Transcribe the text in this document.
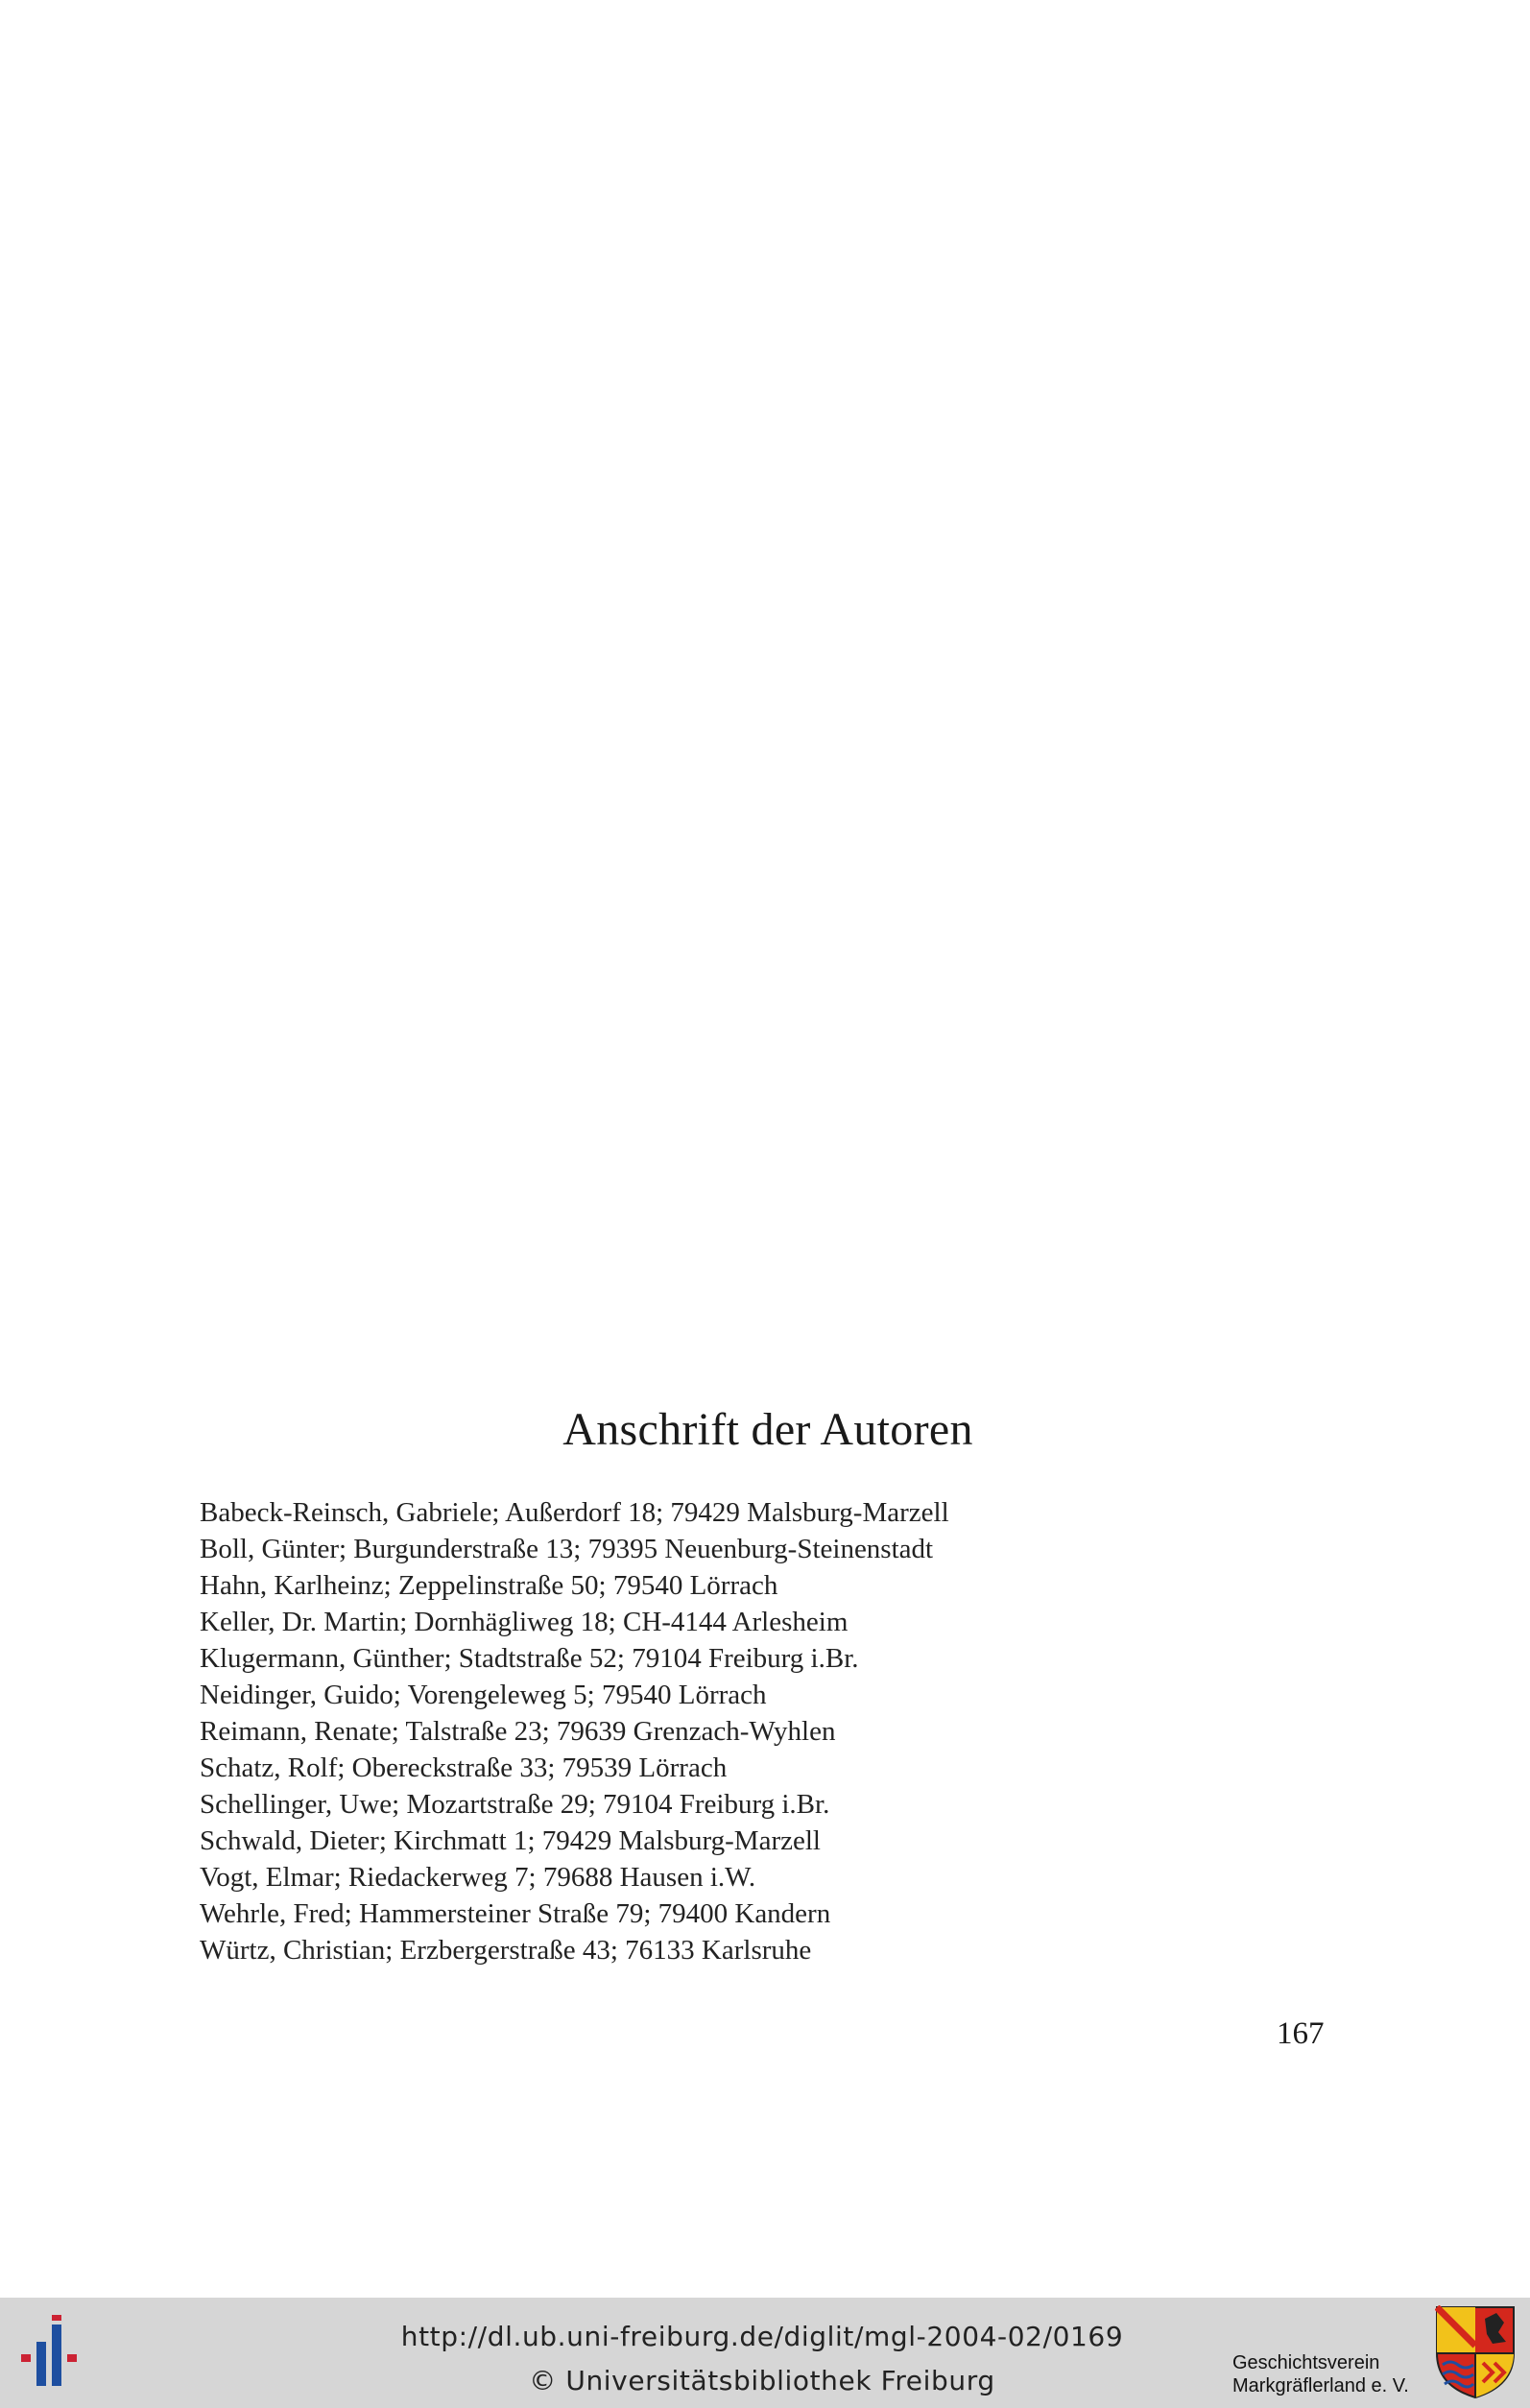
Anschrift der Autoren
Babeck-Reinsch, Gabriele; Außerdorf 18; 79429 Malsburg-Marzell
Boll, Günter; Burgunderstraße 13; 79395 Neuenburg-Steinenstadt
Hahn, Karlheinz; Zeppelinstraße 50; 79540 Lörrach
Keller, Dr. Martin; Dornhägliweg 18; CH-4144 Arlesheim
Klugermann, Günther; Stadtstraße 52; 79104 Freiburg i.Br.
Neidinger, Guido; Vorengeleweg 5; 79540 Lörrach
Reimann, Renate; Talstraße 23; 79639 Grenzach-Wyhlen
Schatz, Rolf; Obereckstraße 33; 79539 Lörrach
Schellinger, Uwe; Mozartstraße 29; 79104 Freiburg i.Br.
Schwald, Dieter; Kirchmatt 1; 79429 Malsburg-Marzell
Vogt, Elmar; Riedackerweg 7; 79688 Hausen i.W.
Wehrle, Fred; Hammersteiner Straße 79; 79400 Kandern
Würtz, Christian; Erzbergerstraße 43; 76133 Karlsruhe
167
http://dl.ub.uni-freiburg.de/diglit/mgl-2004-02/0169
© Universitätsbibliothek Freiburg
Geschichtsverein
Markgräflerland e. V.
